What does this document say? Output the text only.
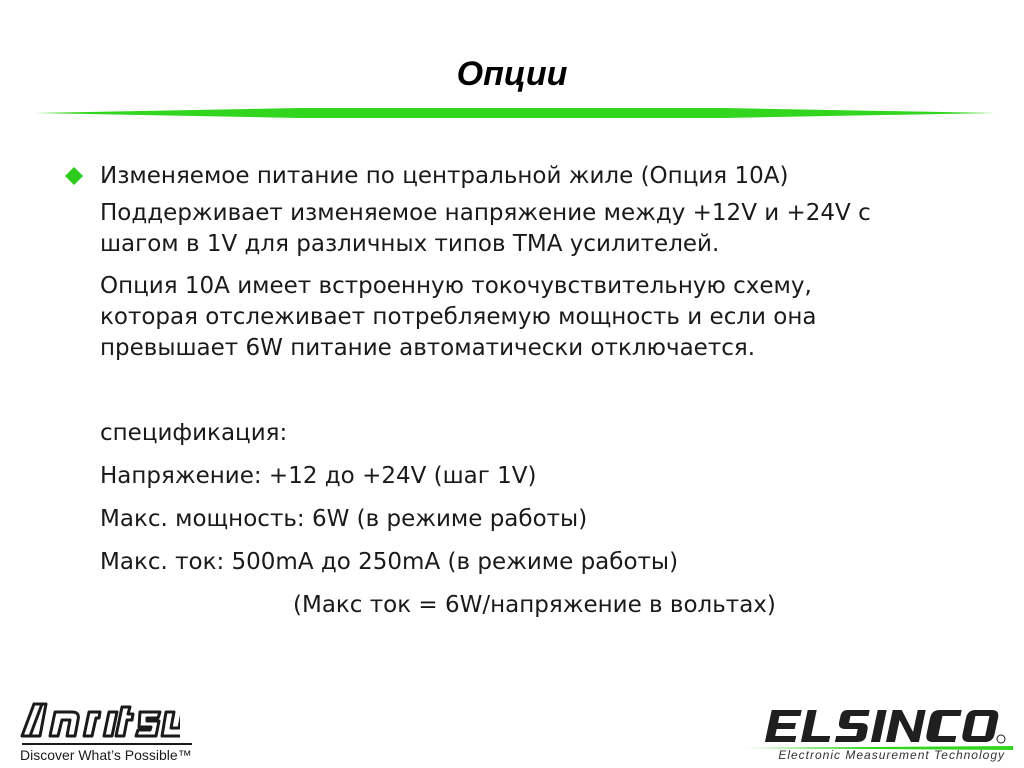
Опции
Изменяемое питание по центральной жиле (Опция 10А)
Поддерживает изменяемое напряжение между +12V и +24V с
шагом в 1V для различных типов TMA усилителей.
Опция 10А имеет встроенную токочувствительную схему,
которая отслеживает потребляемую мощность и если она
превышает 6W питание автоматически отключается.
спецификация:
Напряжение: +12 до +24V (шаг 1V)
Макс. мощность: 6W (в режиме работы)
Макс. ток: 500mA до 250mA (в режиме работы)
(Макс ток = 6W/напряжение в вольтах)
Discover What’s Possible™	Electronic Measurement Technology
